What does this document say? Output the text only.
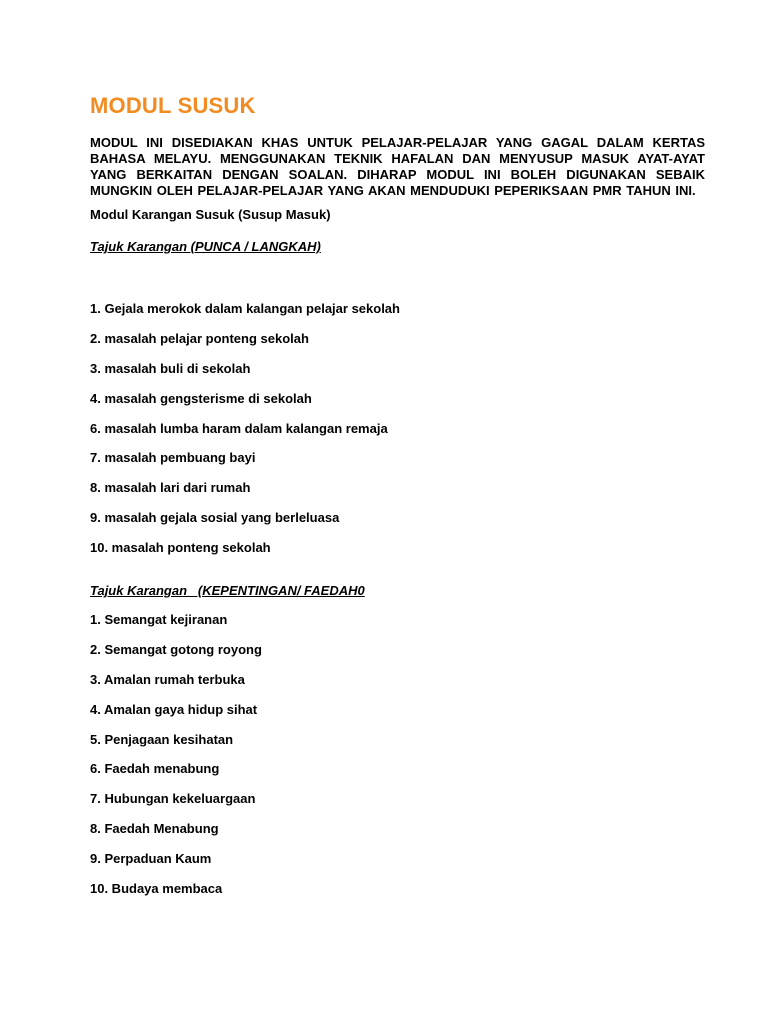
MODUL SUSUK

MODUL INI DISEDIAKAN KHAS UNTUK PELAJAR-PELAJAR YANG GAGAL DALAM KERTAS BAHASA MELAYU. MENGGUNAKAN TEKNIK HAFALAN DAN MENYUSUP MASUK AYAT-AYAT YANG BERKAITAN DENGAN SOALAN. DIHARAP MODUL INI BOLEH DIGUNAKAN SEBAIK MUNGKIN OLEH PELAJAR-PELAJAR YANG AKAN MENDUDUKI PEPERIKSAAN PMR TAHUN INI.

Modul Karangan Susuk (Susup Masuk)

Tajuk Karangan (PUNCA / LANGKAH)

1. Gejala merokok dalam kalangan pelajar sekolah
2. masalah pelajar ponteng sekolah
3. masalah buli di sekolah
4. masalah gengsterisme di sekolah
6. masalah lumba haram dalam kalangan remaja
7. masalah pembuang bayi
8. masalah lari dari rumah
9. masalah gejala sosial yang berleluasa
10. masalah ponteng sekolah

Tajuk Karangan   (KEPENTINGAN/ FAEDAH0

1. Semangat kejiranan
2. Semangat gotong royong
3. Amalan rumah terbuka
4. Amalan gaya hidup sihat
5. Penjagaan kesihatan
6. Faedah menabung
7. Hubungan kekeluargaan
8. Faedah Menabung
9. Perpaduan Kaum
10. Budaya membaca
